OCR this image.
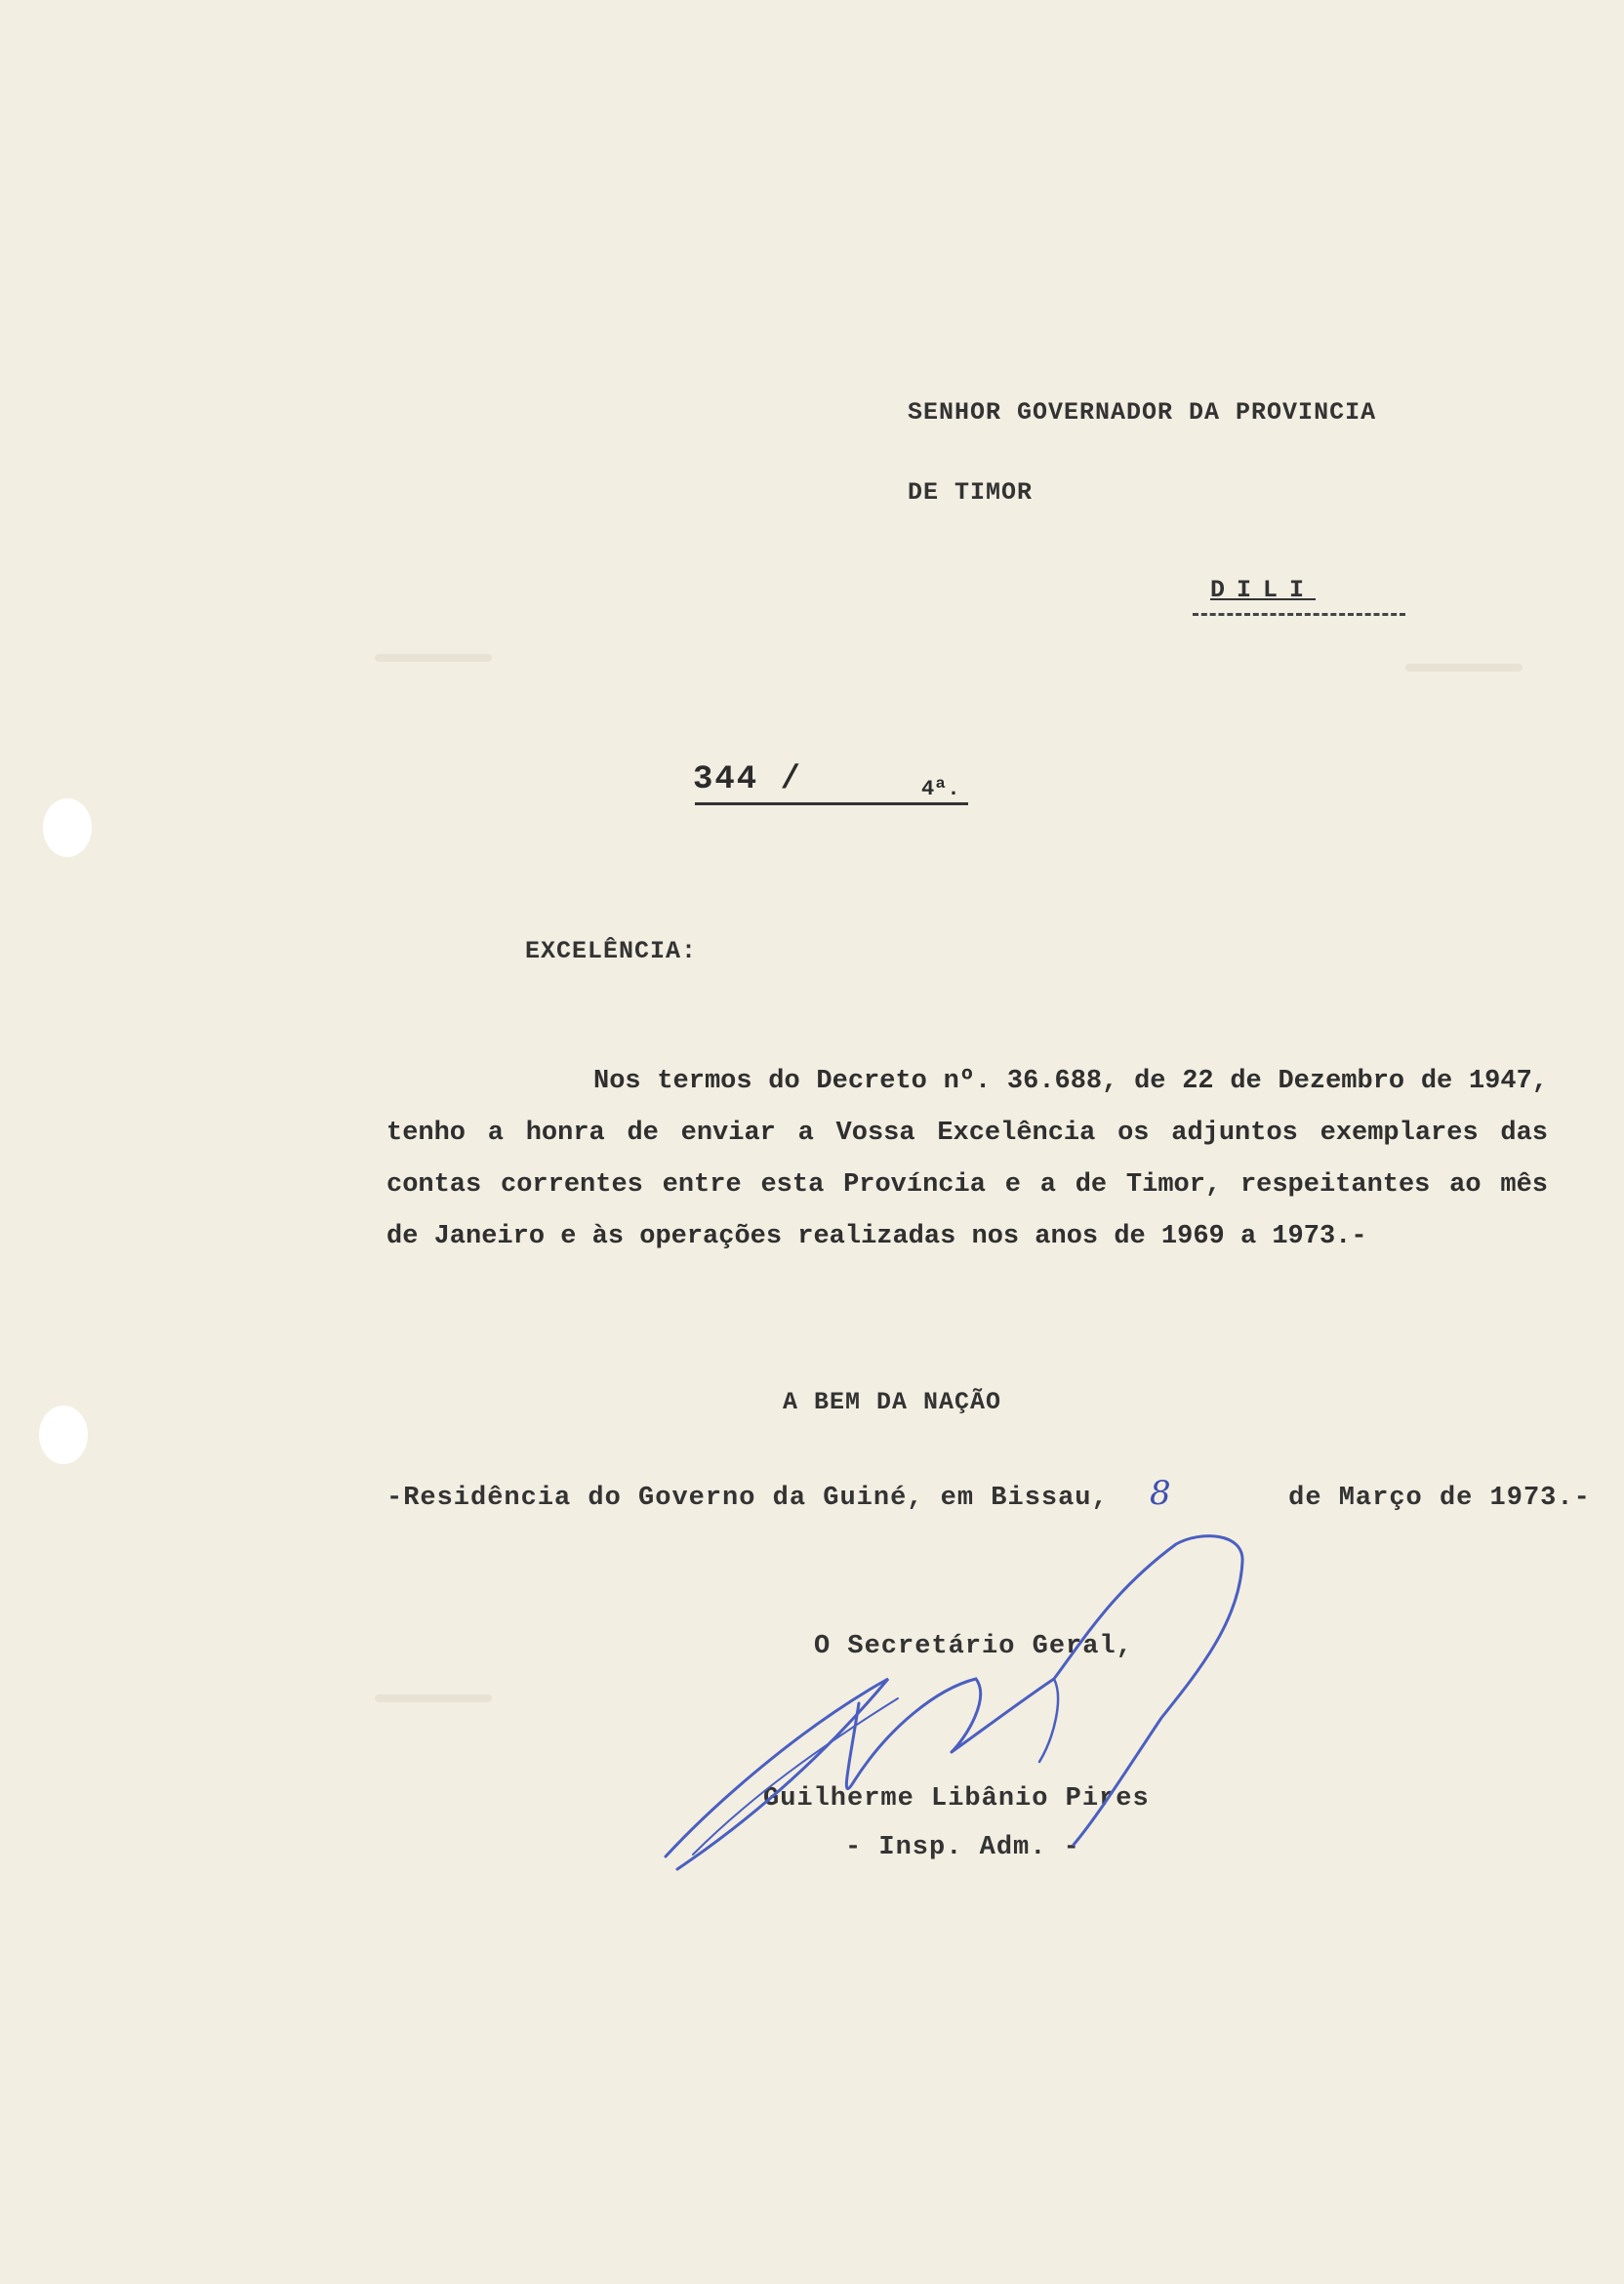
SENHOR GOVERNADOR DA PROVINCIA
DE TIMOR
DILI
344 /	4ª.
EXCELÊNCIA:

Nos termos do Decreto nº. 36.688, de 22 de Dezembro de 1947, tenho a honra de enviar a Vossa Excelência os adjuntos exemplares das contas correntes entre esta Província e a de Timor, respeitantes ao mês de Janeiro e às operações realizadas nos anos de 1969 a 1973.-

A BEM DA NAÇÃO
-Residência do Governo da Guiné, em Bissau,	de Março de 1973.-
8
O Secretário Geral,
Guilherme Libânio Pires
- Insp. Adm. -
